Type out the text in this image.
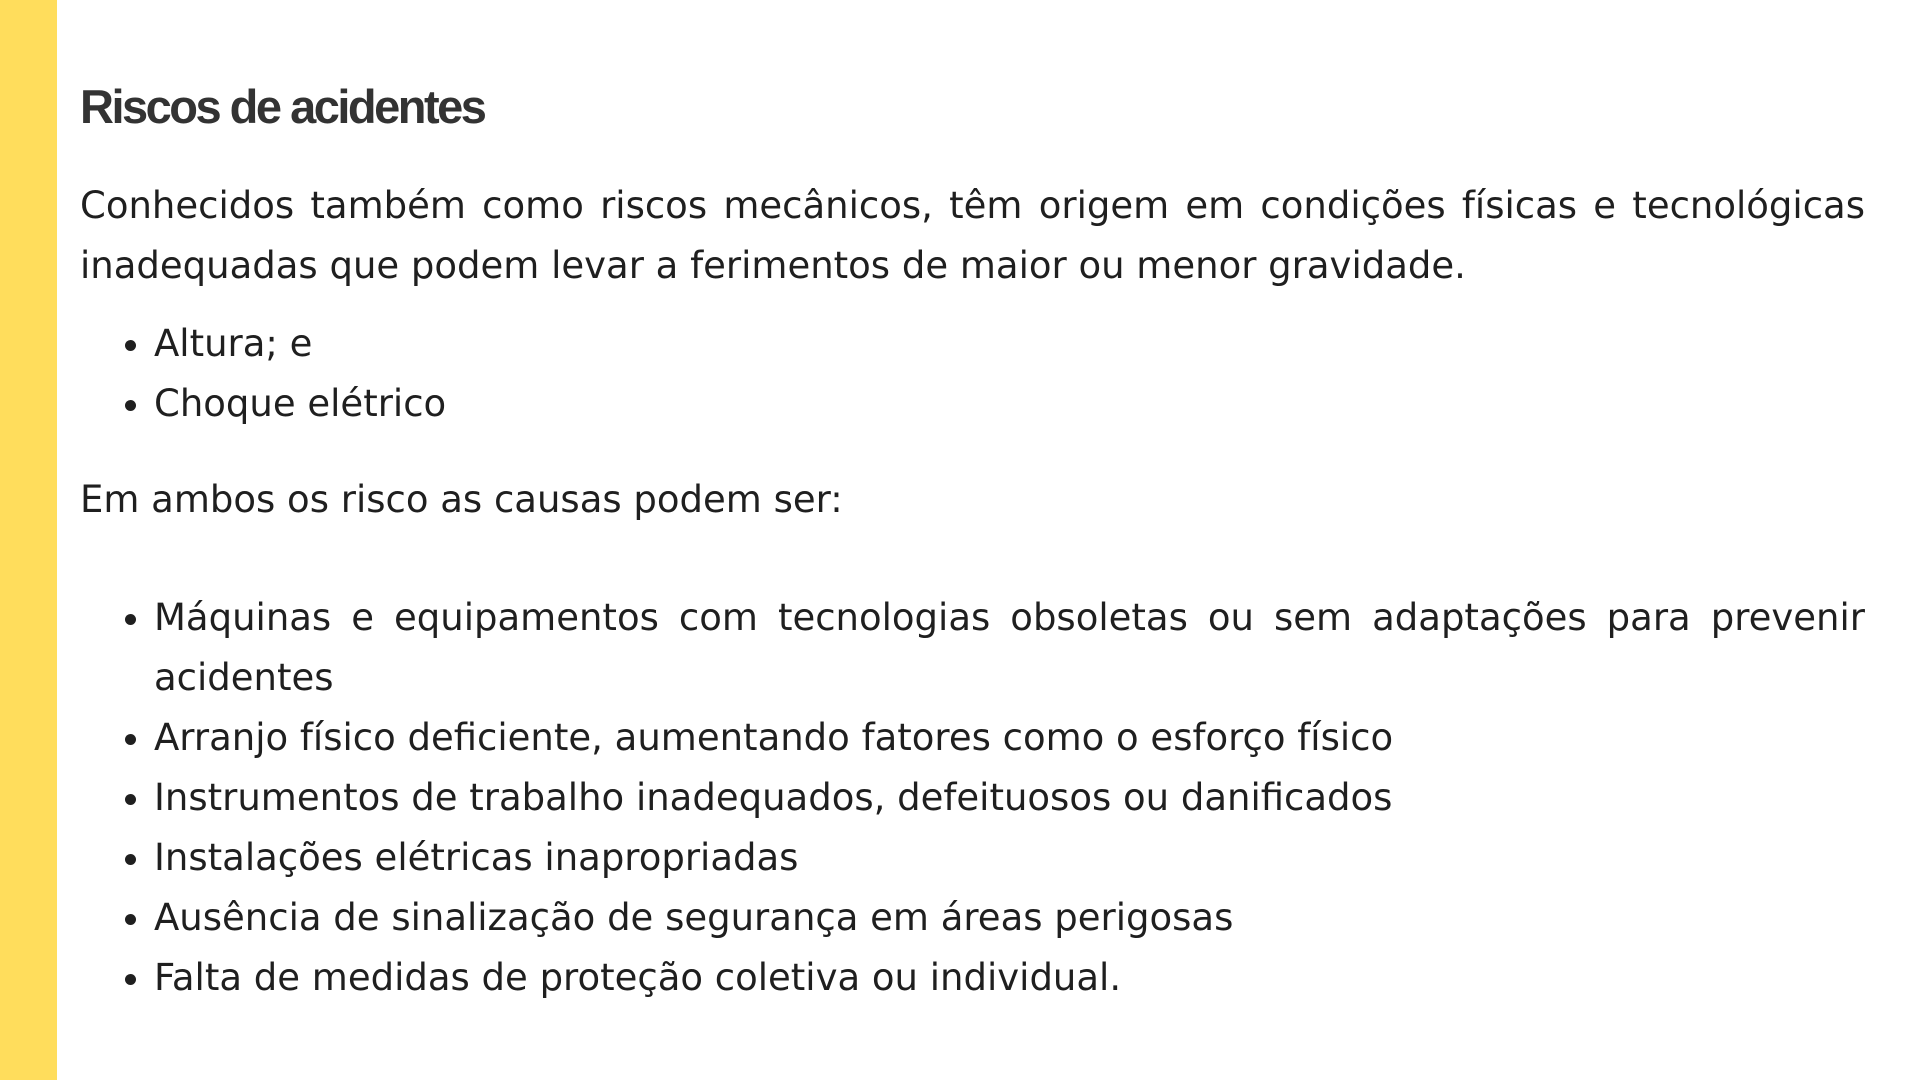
Riscos de acidentes

Conhecidos também como riscos mecânicos, têm origem em condições físicas e tecnológicas inadequadas que podem levar a ferimentos de maior ou menor gravidade.

• Altura; e
• Choque elétrico

Em ambos os risco as causas podem ser:

• Máquinas e equipamentos com tecnologias obsoletas ou sem adaptações para prevenir acidentes
• Arranjo físico deficiente, aumentando fatores como o esforço físico
• Instrumentos de trabalho inadequados, defeituosos ou danificados
• Instalações elétricas inapropriadas
• Ausência de sinalização de segurança em áreas perigosas
• Falta de medidas de proteção coletiva ou individual.
